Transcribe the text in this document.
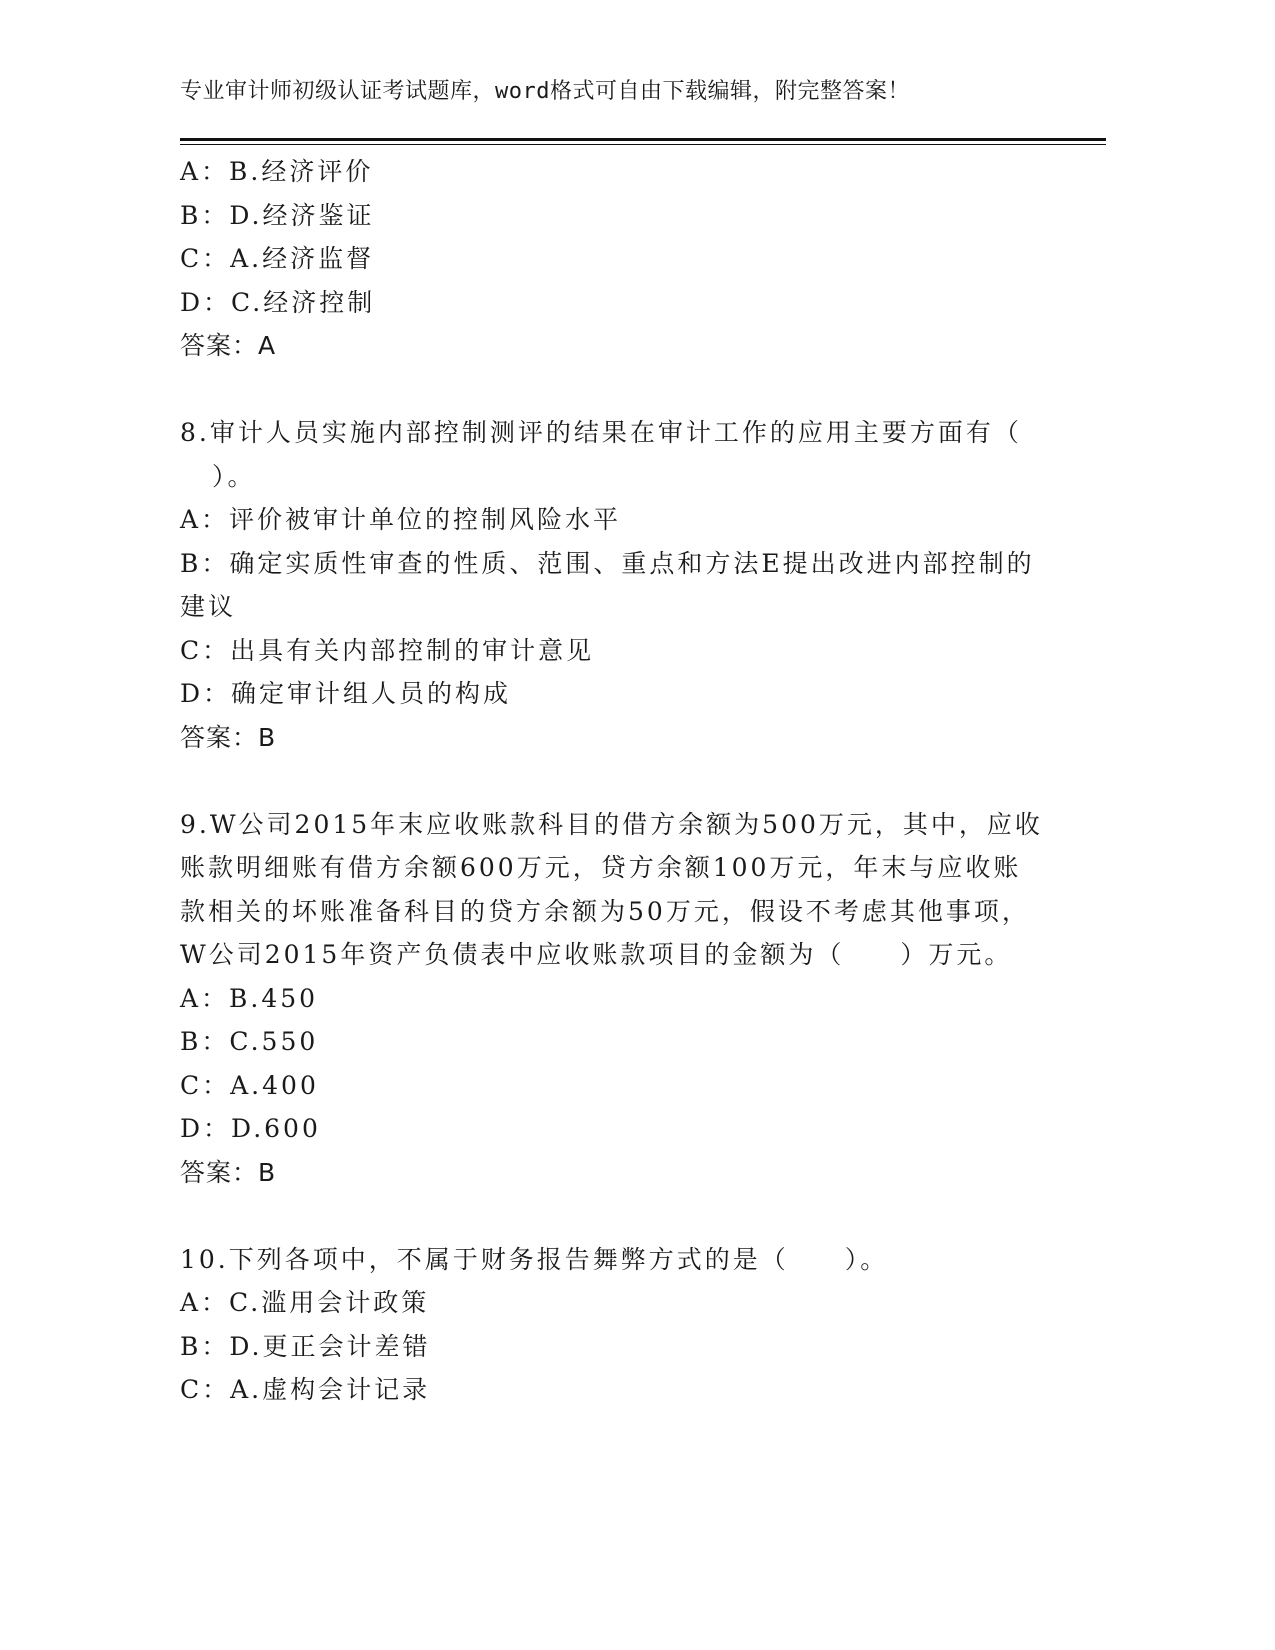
专业审计师初级认证考试题库，word格式可自由下载编辑，附完整答案！
A：B.经济评价
B：D.经济鉴证
C：A.经济监督
D：C.经济控制
答案：A
8.审计人员实施内部控制测评的结果在审计工作的应用主要方面有（
）。
A：评价被审计单位的控制风险水平
B：确定实质性审查的性质、范围、重点和方法E提出改进内部控制的
建议
C：出具有关内部控制的审计意见
D：确定审计组人员的构成
答案：B
9.W公司2015年末应收账款科目的借方余额为500万元，其中，应收
账款明细账有借方余额600万元，贷方余额100万元，年末与应收账
款相关的坏账准备科目的贷方余额为50万元，假设不考虑其他事项，
W公司2015年资产负债表中应收账款项目的金额为（　　）万元。
A：B.450
B：C.550
C：A.400
D：D.600
答案：B
10.下列各项中，不属于财务报告舞弊方式的是（　　）。
A：C.滥用会计政策
B：D.更正会计差错
C：A.虚构会计记录
